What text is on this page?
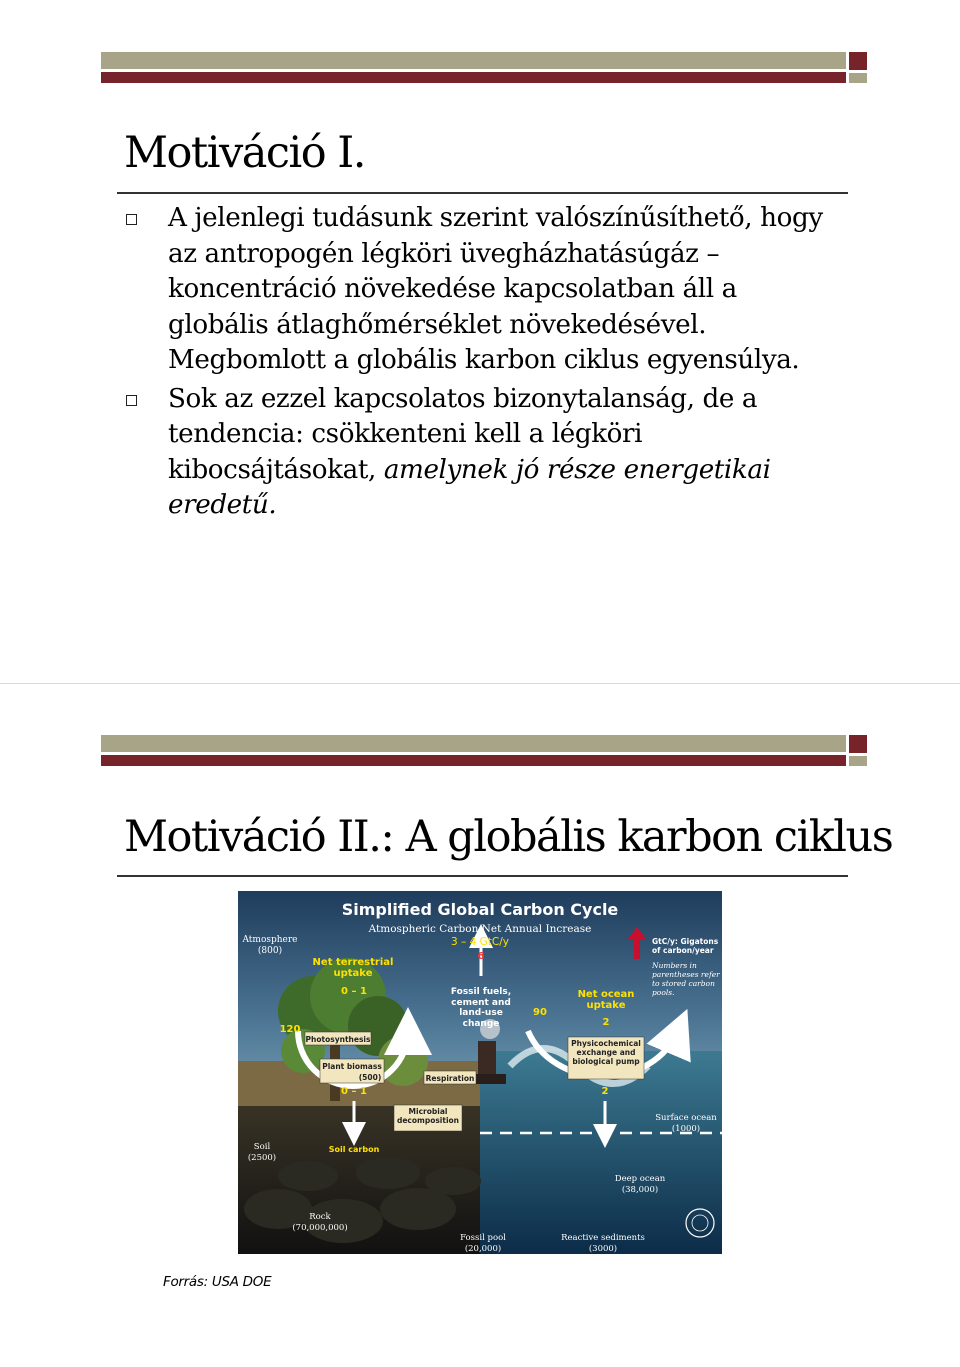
Motiváció I.
A jelenlegi tudásunk szerint valószínűsíthető, hogy az antropogén légköri üvegházhatásúgáz – koncentráció növekedése kapcsolatban áll a globális átlaghőmérséklet növekedésével. Megbomlott a globális karbon ciklus egyensúlya.
Sok az ezzel kapcsolatos bizonytalanság, de a tendencia: csökkenteni kell a légköri kibocsájtásokat, amelynek jó része energetikai eredetű.
Motiváció II.: A globális karbon ciklus
Simplified Global Carbon Cycle
Atmospheric Carbon Net Annual Increase
3 – 4 GtC/y
Atmosphere
(800)
Net terrestrial uptake
0 – 1
6
Fossil fuels, cement and land-use change
90
Net ocean uptake
2
GtC/y: Gigatons of carbon/year
Numbers in parentheses refer to stored carbon pools.
120
Photosynthesis
Plant biomass
(500)	Respiration
Physicochemical exchange and biological pump
0 – 1
Microbial decomposition
2
Surface ocean
(1000)
Soil
(2500)
Soil carbon
Deep ocean
(38,000)
Rock
(70,000,000)
Fossil pool
(20,000)
Reactive sediments
(3000)
Forrás: USA DOE
